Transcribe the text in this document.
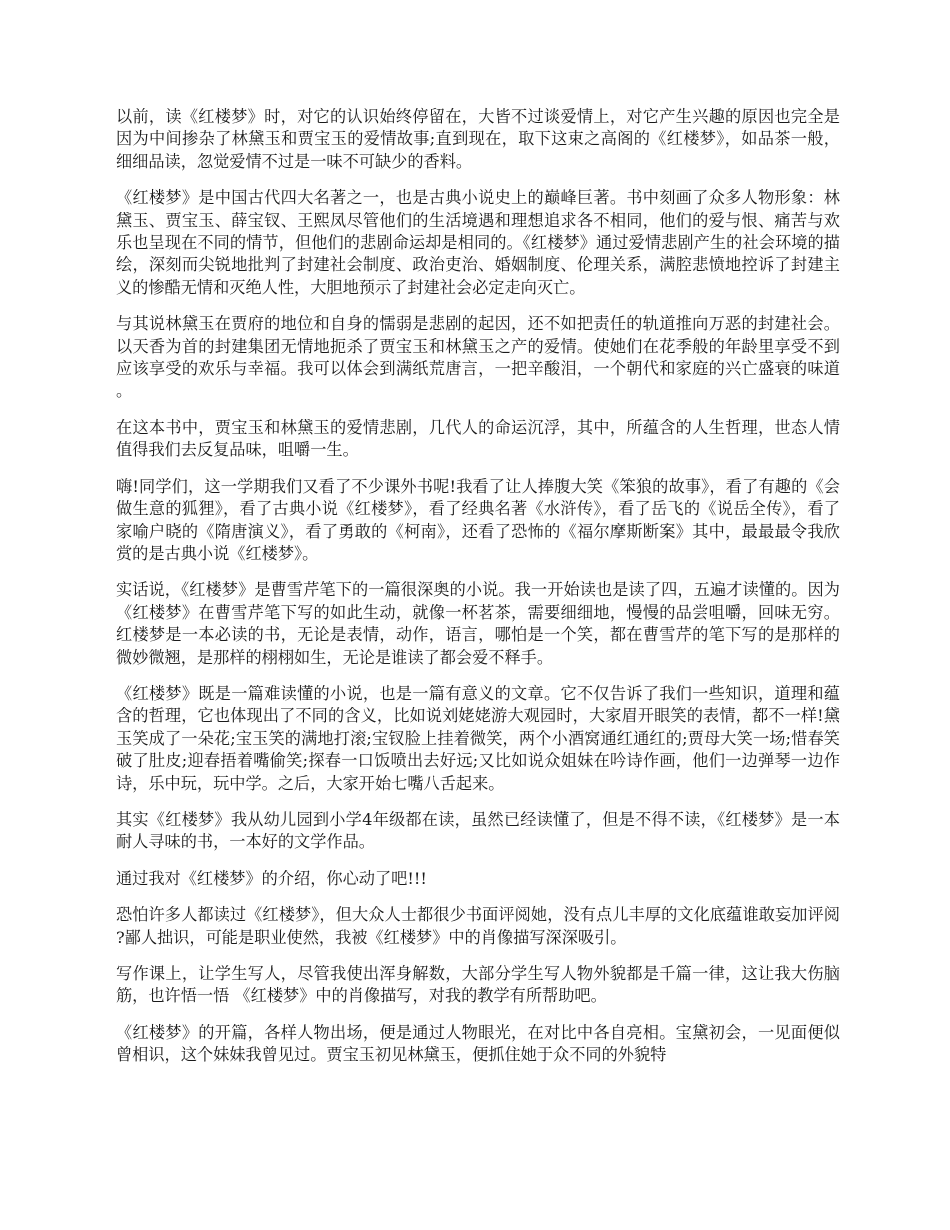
以前，读《红楼梦》时，对它的认识始终停留在，大皆不过谈爱情上，对它产生兴趣的原因也完全是因为中间掺杂了林黛玉和贾宝玉的爱情故事;直到现在，取下这束之高阁的《红楼梦》，如品茶一般，细细品读，忽觉爱情不过是一味不可缺少的香料。

《红楼梦》是中国古代四大名著之一，也是古典小说史上的巅峰巨著。书中刻画了众多人物形象：林黛玉、贾宝玉、薛宝钗、王熙凤尽管他们的生活境遇和理想追求各不相同，他们的爱与恨、痛苦与欢乐也呈现在不同的情节，但他们的悲剧命运却是相同的。《红楼梦》通过爱情悲剧产生的社会环境的描绘，深刻而尖锐地批判了封建社会制度、政治吏治、婚姻制度、伦理关系，满腔悲愤地控诉了封建主义的惨酷无情和灭绝人性，大胆地预示了封建社会必定走向灭亡。

与其说林黛玉在贾府的地位和自身的懦弱是悲剧的起因，还不如把责任的轨道推向万恶的封建社会。以天香为首的封建集团无情地扼杀了贾宝玉和林黛玉之产的爱情。使她们在花季般的年龄里享受不到应该享受的欢乐与幸福。我可以体会到满纸荒唐言，一把辛酸泪，一个朝代和家庭的兴亡盛衰的味道。

在这本书中，贾宝玉和林黛玉的爱情悲剧，几代人的命运沉浮，其中，所蕴含的人生哲理，世态人情值得我们去反复品味，咀嚼一生。

嗨!同学们，这一学期我们又看了不少课外书呢!我看了让人捧腹大笑《笨狼的故事》，看了有趣的《会做生意的狐狸》，看了古典小说《红楼梦》，看了经典名著《水浒传》，看了岳飞的《说岳全传》，看了家喻户晓的《隋唐演义》，看了勇敢的《柯南》，还看了恐怖的《福尔摩斯断案》其中，最最最令我欣赏的是古典小说《红楼梦》。

实话说，《红楼梦》是曹雪芹笔下的一篇很深奥的小说。我一开始读也是读了四，五遍才读懂的。因为《红楼梦》在曹雪芹笔下写的如此生动，就像一杯茗茶，需要细细地，慢慢的品尝咀嚼，回味无穷。红楼梦是一本必读的书，无论是表情，动作，语言，哪怕是一个笑，都在曹雪芹的笔下写的是那样的微妙微翘，是那样的栩栩如生，无论是谁读了都会爱不释手。

《红楼梦》既是一篇难读懂的小说，也是一篇有意义的文章。它不仅告诉了我们一些知识，道理和蕴含的哲理，它也体现出了不同的含义，比如说刘姥姥游大观园时，大家眉开眼笑的表情，都不一样!黛玉笑成了一朵花;宝玉笑的满地打滚;宝钗脸上挂着微笑，两个小酒窝通红通红的;贾母大笑一场;惜春笑破了肚皮;迎春捂着嘴偷笑;探春一口饭喷出去好远;又比如说众姐妹在吟诗作画，他们一边弹琴一边作诗，乐中玩，玩中学。之后，大家开始七嘴八舌起来。

其实《红楼梦》我从幼儿园到小学4年级都在读，虽然已经读懂了，但是不得不读，《红楼梦》是一本耐人寻味的书，一本好的文学作品。

通过我对《红楼梦》的介绍，你心动了吧!!!

恐怕许多人都读过《红楼梦》，但大众人士都很少书面评阅她，没有点儿丰厚的文化底蕴谁敢妄加评阅?鄙人拙识，可能是职业使然，我被《红楼梦》中的肖像描写深深吸引。

写作课上，让学生写人，尽管我使出浑身解数，大部分学生写人物外貌都是千篇一律，这让我大伤脑筋，也许悟一悟 《红楼梦》中的肖像描写，对我的教学有所帮助吧。

《红楼梦》的开篇，各样人物出场，便是通过人物眼光，在对比中各自亮相。宝黛初会，一见面便似曾相识，这个妹妹我曾见过。贾宝玉初见林黛玉，便抓住她于众不同的外貌特
